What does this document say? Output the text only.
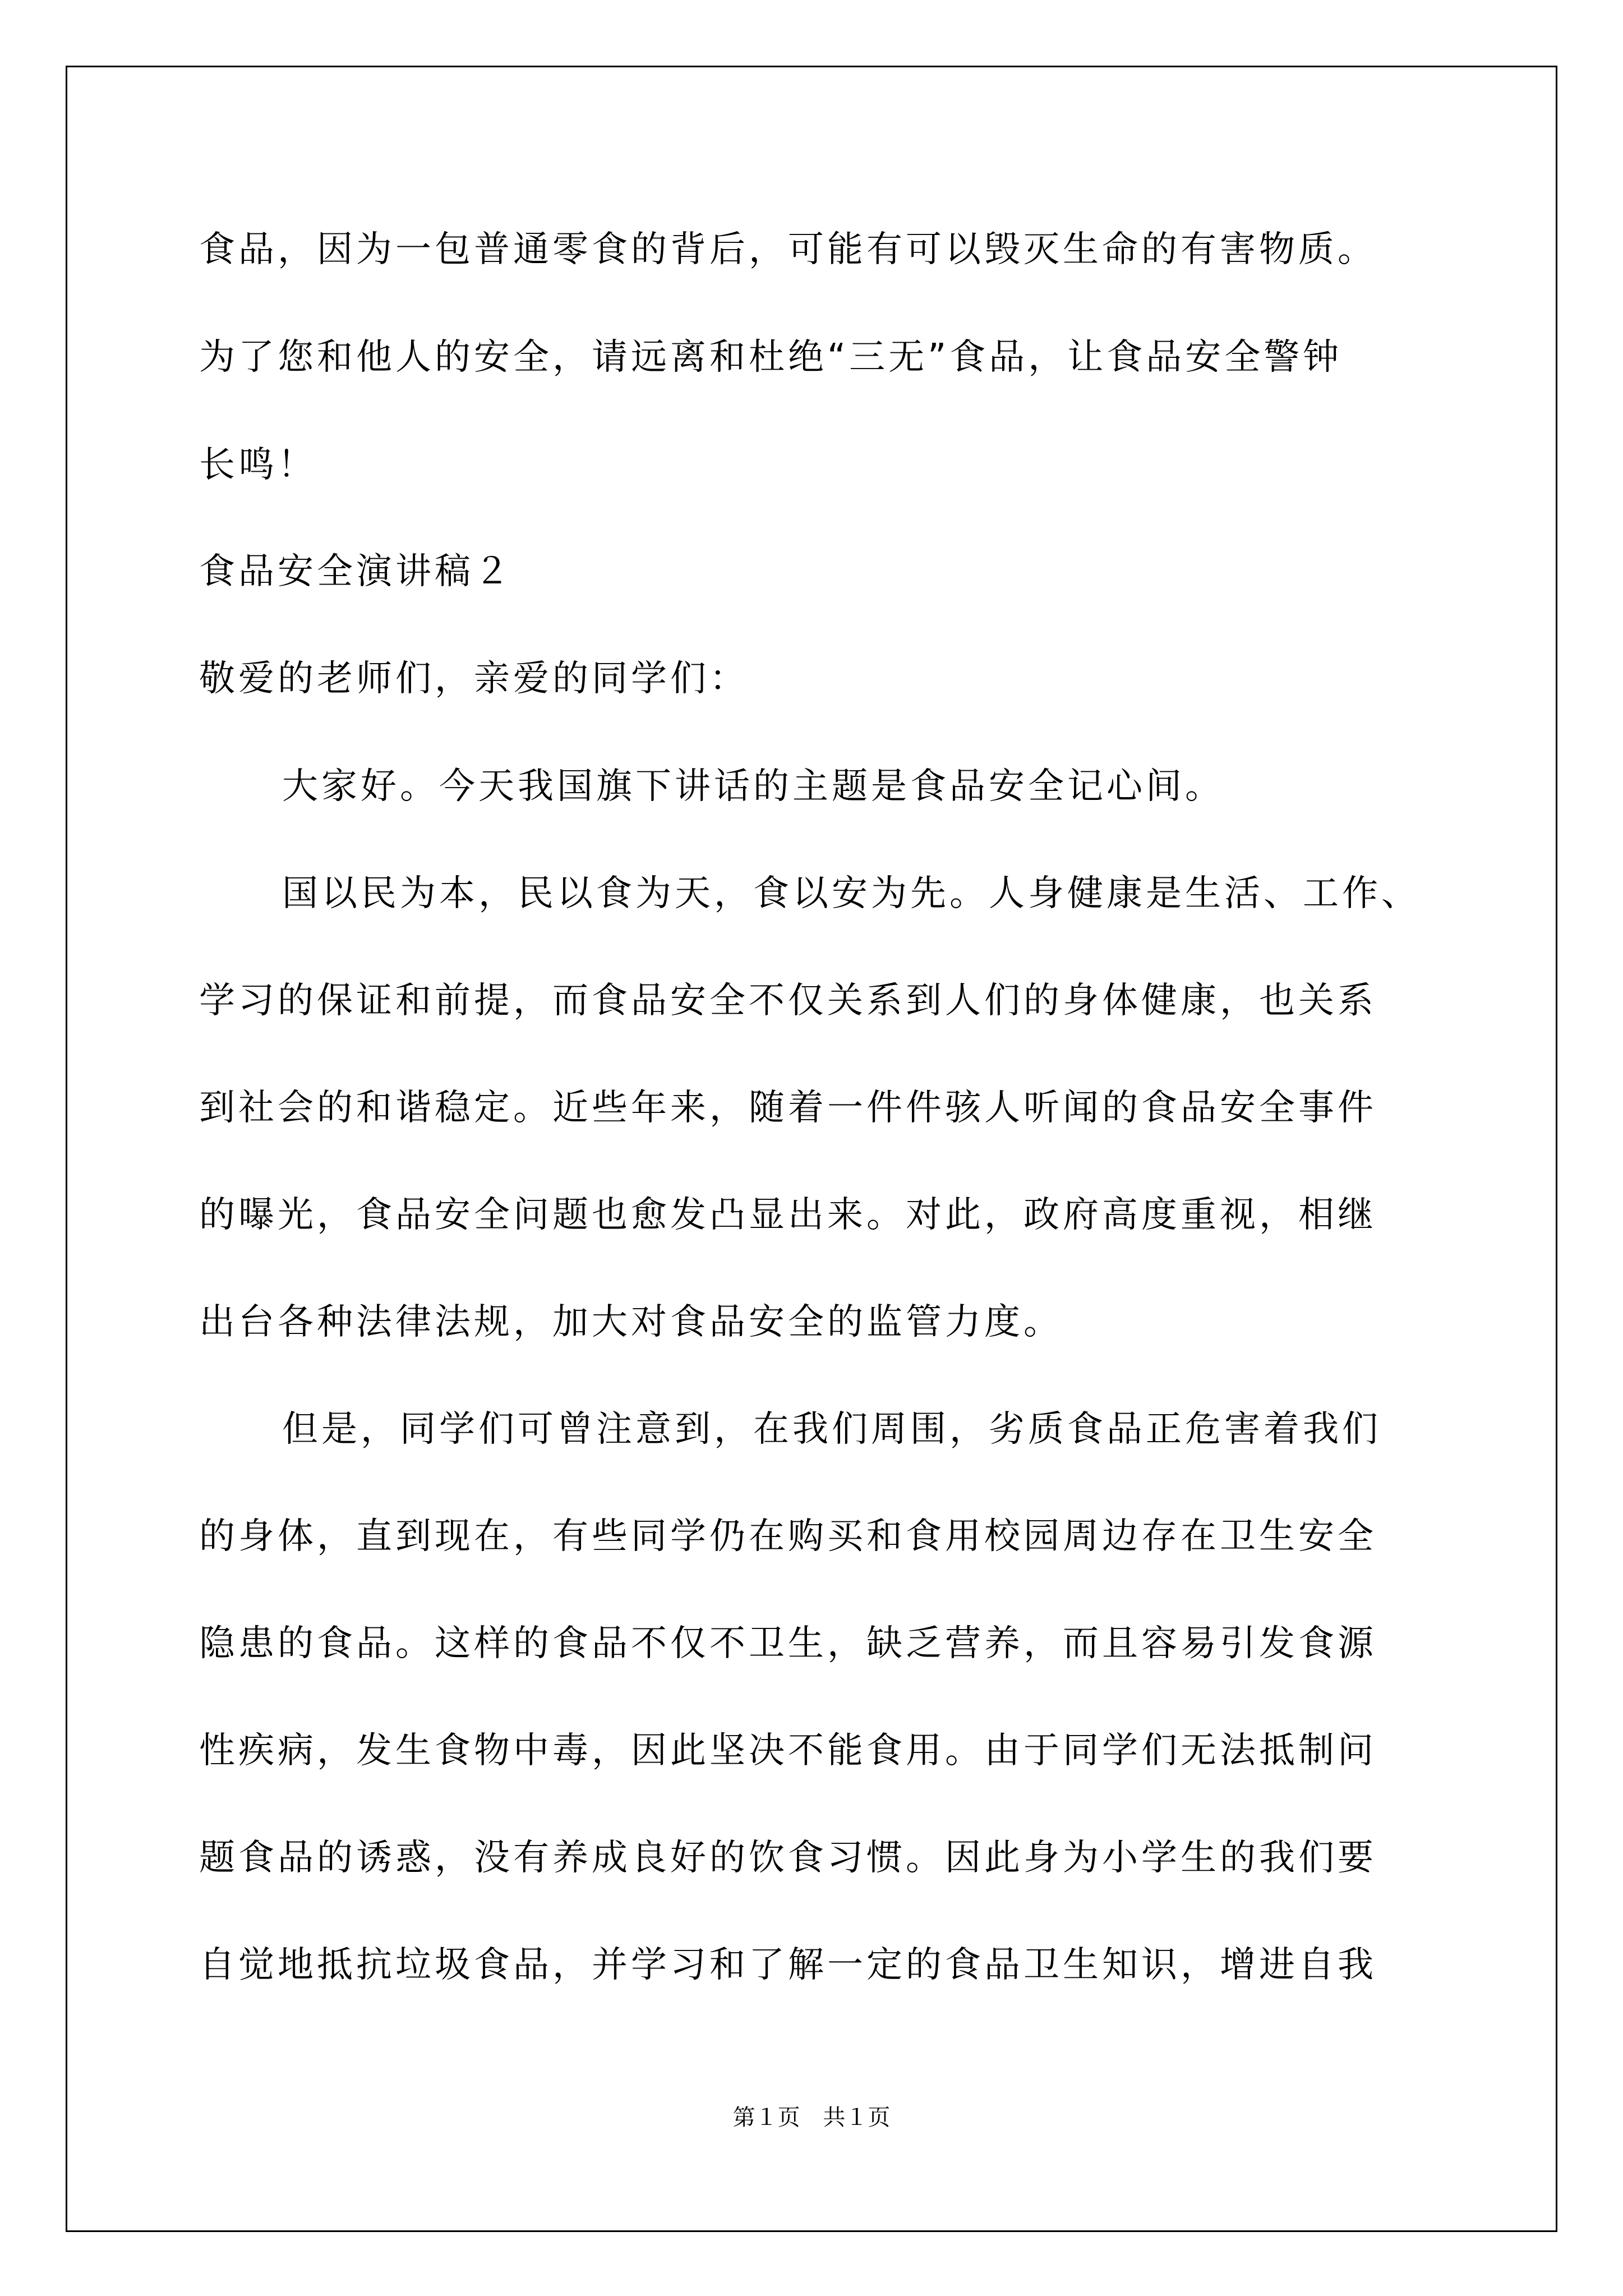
食品，因为一包普通零食的背后，可能有可以毁灭生命的有害物质。
为了您和他人的安全，请远离和杜绝“三无”食品，让食品安全警钟
长鸣！
食品安全演讲稿２
敬爱的老师们，亲爱的同学们：
大家好。今天我国旗下讲话的主题是食品安全记心间。
国以民为本，民以食为天，食以安为先。人身健康是生活、工作、
学习的保证和前提，而食品安全不仅关系到人们的身体健康，也关系
到社会的和谐稳定。近些年来，随着一件件骇人听闻的食品安全事件
的曝光，食品安全问题也愈发凸显出来。对此，政府高度重视，相继
出台各种法律法规，加大对食品安全的监管力度。
但是，同学们可曾注意到，在我们周围，劣质食品正危害着我们
的身体，直到现在，有些同学仍在购买和食用校园周边存在卫生安全
隐患的食品。这样的食品不仅不卫生，缺乏营养，而且容易引发食源
性疾病，发生食物中毒，因此坚决不能食用。由于同学们无法抵制问
题食品的诱惑，没有养成良好的饮食习惯。因此身为小学生的我们要
自觉地抵抗垃圾食品，并学习和了解一定的食品卫生知识，增进自我
第１页 共１页
